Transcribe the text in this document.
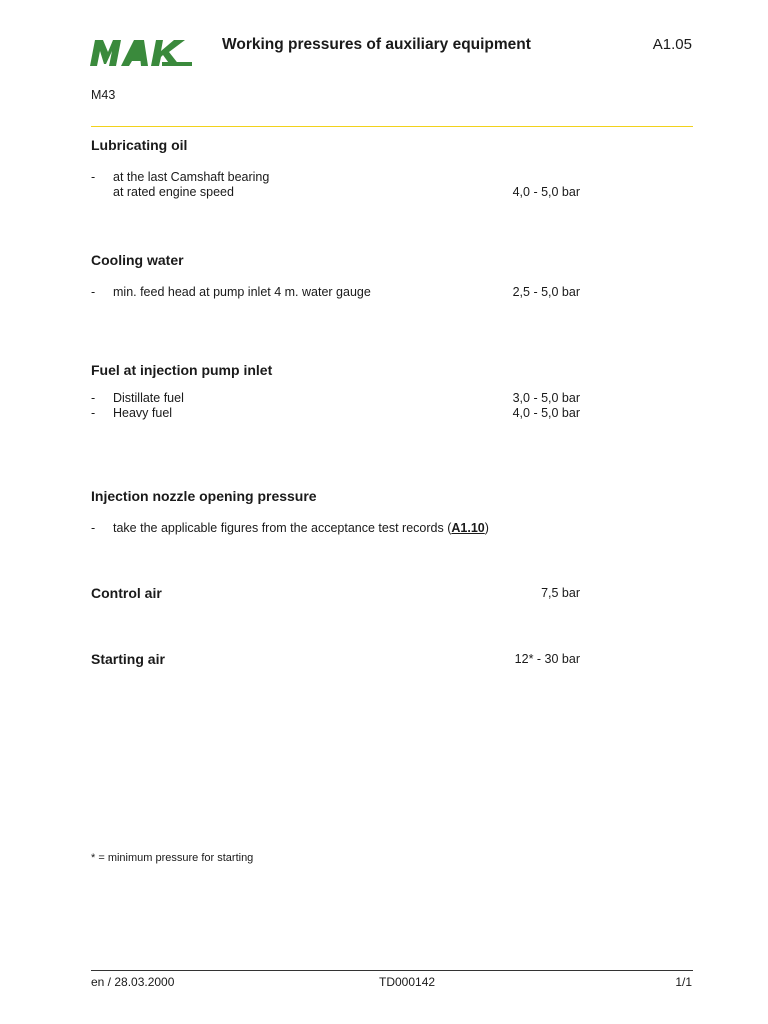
Working pressures of auxiliary equipment	A1.05
M43
Lubricating oil
- at the last Camshaft bearing
at rated engine speed	4,0 - 5,0 bar
Cooling water
- min. feed head at pump inlet 4 m. water gauge	2,5 - 5,0 bar
Fuel at injection pump inlet
- Distillate fuel	3,0 - 5,0 bar
- Heavy fuel	4,0 - 5,0 bar
Injection nozzle opening pressure
- take the applicable figures from the acceptance test records (A1.10)
Control air	7,5 bar
Starting air	12* - 30 bar
* = minimum pressure for starting
en / 28.03.2000	TD000142	1/1
